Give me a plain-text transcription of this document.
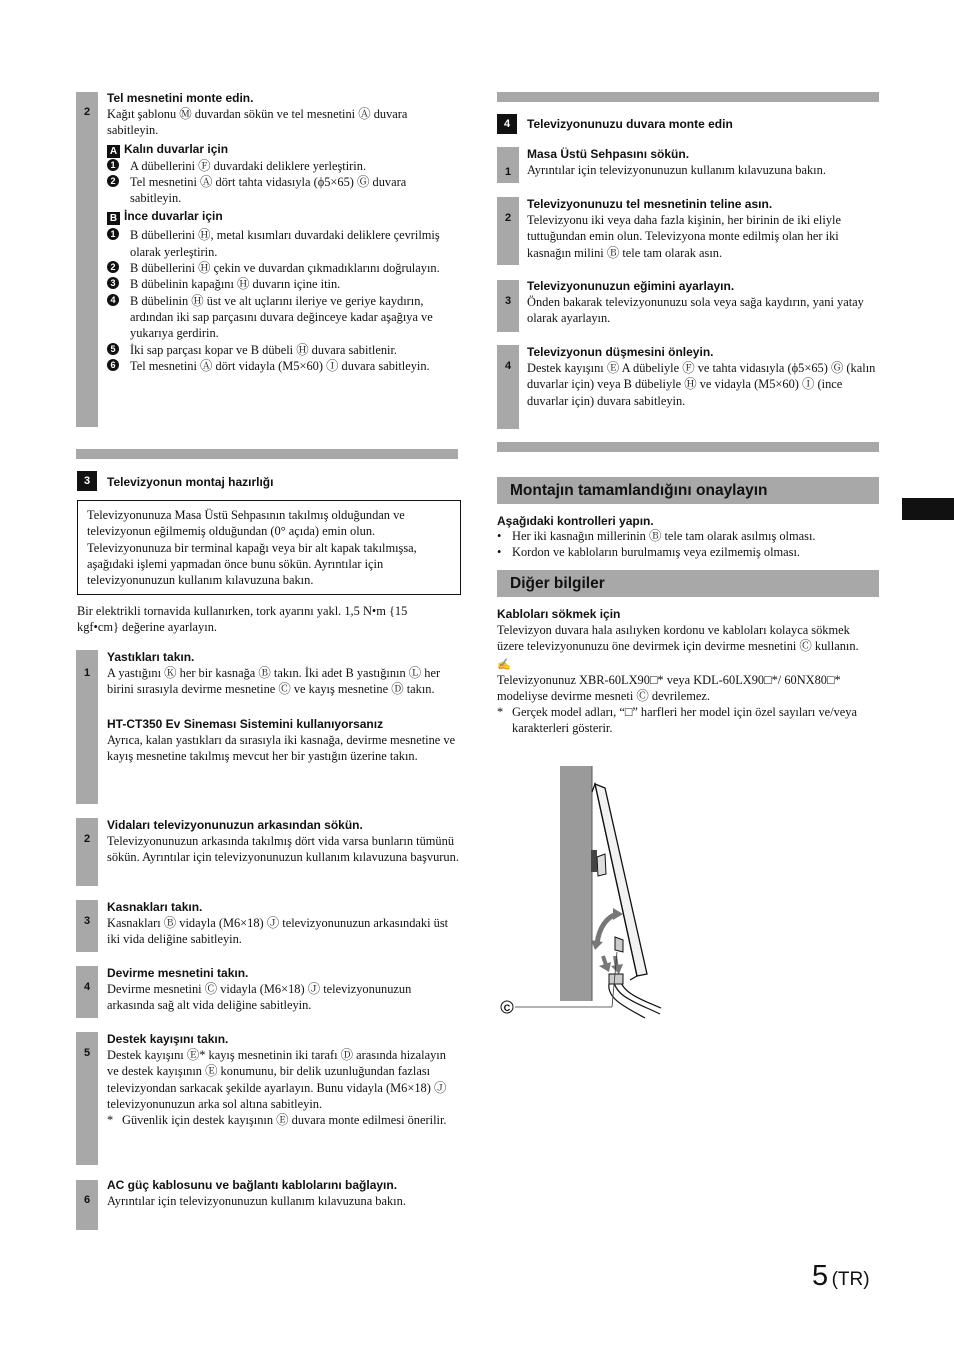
2
Tel mesnetini monte edin.

Kağıt şablonu Ⓜ duvardan sökün ve tel mesnetini Ⓐ duvara sabitleyin.

A Kalın duvarlar için

1 A dübellerini Ⓕ duvardaki deliklere yerleştirin.

2 Tel mesnetini Ⓐ dört tahta vidasıyla (ϕ5×65) Ⓖ duvara sabitleyin.

B İnce duvarlar için

1 B dübellerini Ⓗ, metal kısımları duvardaki deliklere çevrilmiş olarak yerleştirin.

2 B dübellerini Ⓗ çekin ve duvardan çıkmadıklarını doğrulayın.

3 B dübelinin kapağını Ⓗ duvarın içine itin.

4 B dübelinin Ⓗ üst ve alt uçlarını ileriye ve geriye kaydırın, ardından iki sap parçasını duvara değinceye kadar aşağıya ve yukarıya gerdirin.

5 İki sap parçası kopar ve B dübeli Ⓗ duvara sabitlenir.

6 Tel mesnetini Ⓐ dört vidayla (M5×60) Ⓘ duvara sabitleyin.

3	Televizyonun montaj hazırlığı

Televizyonunuza Masa Üstü Sehpasının takılmış olduğundan ve televizyonun eğilmemiş olduğundan (0° açıda) emin olun. Televizyonunuza bir terminal kapağı veya bir alt kapak takılmışsa, aşağıdaki işlemi yapmadan önce bunu sökün. Ayrıntılar için televizyonunuzun kullanım kılavuzuna bakın.

Bir elektrikli tornavida kullanırken, tork ayarını yakl. 1,5 N•m {15 kgf•cm} değerine ayarlayın.

1
2
3
4
5
6
Yastıkları takın.

A yastığını Ⓚ her bir kasnağa Ⓑ takın. İki adet B yastığının Ⓛ her birini sırasıyla devirme mesnetine Ⓒ ve kayış mesnetine Ⓓ takın.

HT-CT350 Ev Sineması Sistemini kullanıyorsanız

Ayrıca, kalan yastıkları da sırasıyla iki kasnağa, devirme mesnetine ve kayış mesnetine takılmış mevcut her bir yastığın üzerine takın.

Vidaları televizyonunuzun arkasından sökün.

Televizyonunuzun arkasında takılmış dört vida varsa bunların tümünü sökün. Ayrıntılar için televizyonunuzun kullanım kılavuzuna başvurun.

Kasnakları takın.

Kasnakları Ⓑ vidayla (M6×18) Ⓙ televizyonunuzun arkasındaki üst iki vida deliğine sabitleyin.

Devirme mesnetini takın.

Devirme mesnetini Ⓒ vidayla (M6×18) Ⓙ televizyonunuzun arkasında sağ alt vida deliğine sabitleyin.

Destek kayışını takın.

Destek kayışını Ⓔ* kayış mesnetinin iki tarafı Ⓓ arasında hizalayın ve destek kayışının Ⓔ konumunu, bir delik uzunluğundan fazlası televizyondan sarkacak şekilde ayarlayın. Bunu vidayla (M6×18) Ⓙ televizyonunuzun arka sol altına sabitleyin.

* Güvenlik için destek kayışının Ⓔ duvara monte edilmesi önerilir.

AC güç kablosunu ve bağlantı kablolarını bağlayın.

Ayrıntılar için televizyonunuzun kullanım kılavuzuna bakın.

4	Televizyonunuzu duvara monte edin
1
2
3
4
Masa Üstü Sehpasını sökün.

Ayrıntılar için televizyonunuzun kullanım kılavuzuna bakın.

Televizyonunuzu tel mesnetinin teline asın.

Televizyonu iki veya daha fazla kişinin, her birinin de iki eliyle tuttuğundan emin olun. Televizyona monte edilmiş olan her iki kasnağın milini Ⓑ tele tam olarak asın.

Televizyonunuzun eğimini ayarlayın.

Önden bakarak televizyonunuzu sola veya sağa kaydırın, yani yatay olarak ayarlayın.

Televizyonun düşmesini önleyin.

Destek kayışını Ⓔ A dübeliyle Ⓕ ve tahta vidasıyla (ϕ5×65) Ⓖ (kalın duvarlar için) veya B dübeliyle Ⓗ ve vidayla (M5×60) Ⓘ (ince duvarlar için) duvara sabitleyin.

Montajın tamamlandığını onaylayın
Aşağıdaki kontrolleri yapın.

• Her iki kasnağın millerinin Ⓑ tele tam olarak asılmış olması.

• Kordon ve kabloların burulmamış veya ezilmemiş olması.

Diğer bilgiler
Kabloları sökmek için

Televizyon duvara hala asılıyken kordonu ve kabloları kolayca sökmek üzere televizyonunuzu öne devirmek için devirme mesnetini Ⓒ kullanın.

✍

Televizyonunuz XBR-60LX90□* veya KDL-60LX90□*/ 60NX80□* modeliyse devirme mesneti Ⓒ devrilemez.

* Gerçek model adları, “□” harfleri her model için özel sayıları ve/veya karakterleri gösterir.

C
5 (TR)
